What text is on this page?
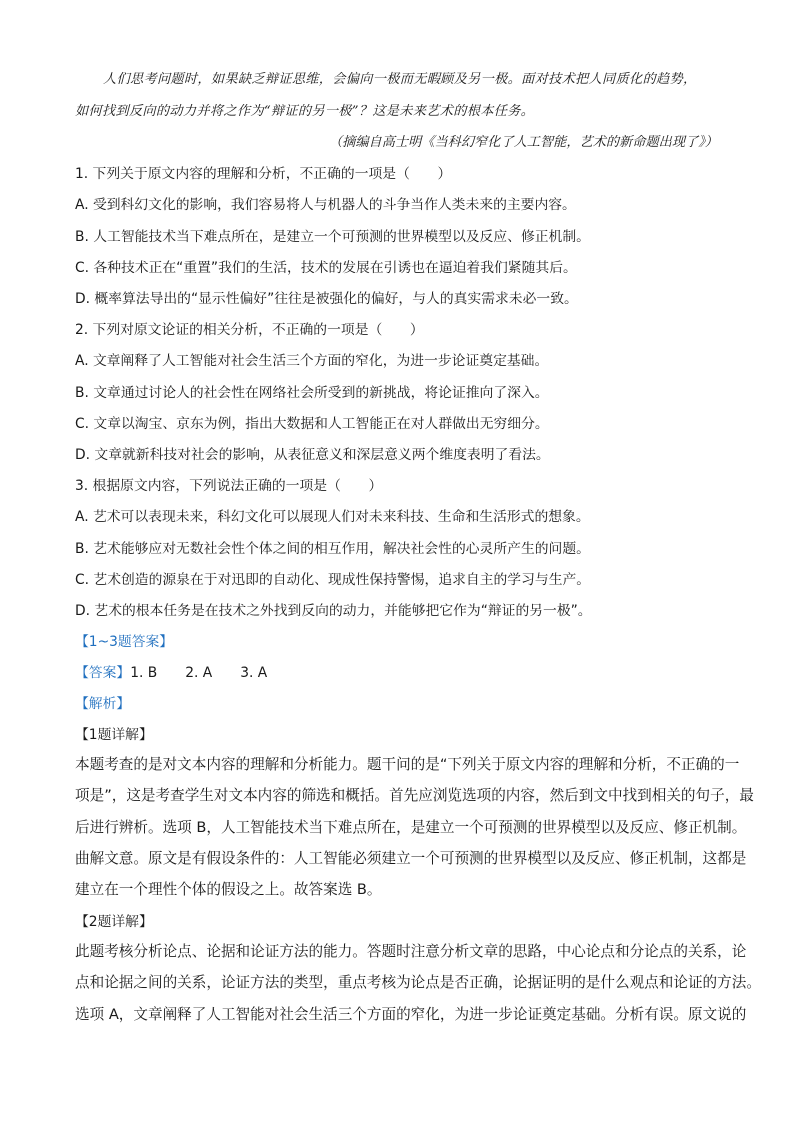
人们思考问题时，如果缺乏辩证思维，会偏向一极而无暇顾及另一极。面对技术把人同质化的趋势，
如何找到反向的动力并将之作为“辩证的另一极”？这是未来艺术的根本任务。
（摘编自高士明《当科幻窄化了人工智能，艺术的新命题出现了》）
1. 下列关于原文内容的理解和分析，不正确的一项是（　　）
A. 受到科幻文化的影响，我们容易将人与机器人的斗争当作人类未来的主要内容。
B. 人工智能技术当下难点所在，是建立一个可预测的世界模型以及反应、修正机制。
C. 各种技术正在“重置”我们的生活，技术的发展在引诱也在逼迫着我们紧随其后。
D. 概率算法导出的“显示性偏好”往往是被强化的偏好，与人的真实需求未必一致。
2. 下列对原文论证的相关分析，不正确的一项是（　　）
A. 文章阐释了人工智能对社会生活三个方面的窄化，为进一步论证奠定基础。
B. 文章通过讨论人的社会性在网络社会所受到的新挑战，将论证推向了深入。
C. 文章以淘宝、京东为例，指出大数据和人工智能正在对人群做出无穷细分。
D. 文章就新科技对社会的影响，从表征意义和深层意义两个维度表明了看法。
3. 根据原文内容，下列说法正确的一项是（　　）
A. 艺术可以表现未来，科幻文化可以展现人们对未来科技、生命和生活形式的想象。
B. 艺术能够应对无数社会性个体之间的相互作用，解决社会性的心灵所产生的问题。
C. 艺术创造的源泉在于对迅即的自动化、现成性保持警惕，追求自主的学习与生产。
D. 艺术的根本任务是在技术之外找到反向的动力，并能够把它作为“辩证的另一极”。
【1~3题答案】
【答案】1. B 2. A 3. A
【解析】
【1题详解】
本题考查的是对文本内容的理解和分析能力。题干问的是“下列关于原文内容的理解和分析，不正确的一
项是”，这是考查学生对文本内容的筛选和概括。首先应浏览选项的内容，然后到文中找到相关的句子，最
后进行辨析。选项 B，人工智能技术当下难点所在，是建立一个可预测的世界模型以及反应、修正机制。
曲解文意。原文是有假设条件的：人工智能必须建立一个可预测的世界模型以及反应、修正机制，这都是
建立在一个理性个体的假设之上。故答案选 B。
【2题详解】
此题考核分析论点、论据和论证方法的能力。答题时注意分析文章的思路，中心论点和分论点的关系，论
点和论据之间的关系，论证方法的类型，重点考核为论点是否正确，论据证明的是什么观点和论证的方法。
选项 A，文章阐释了人工智能对社会生活三个方面的窄化，为进一步论证奠定基础。分析有误。原文说的
